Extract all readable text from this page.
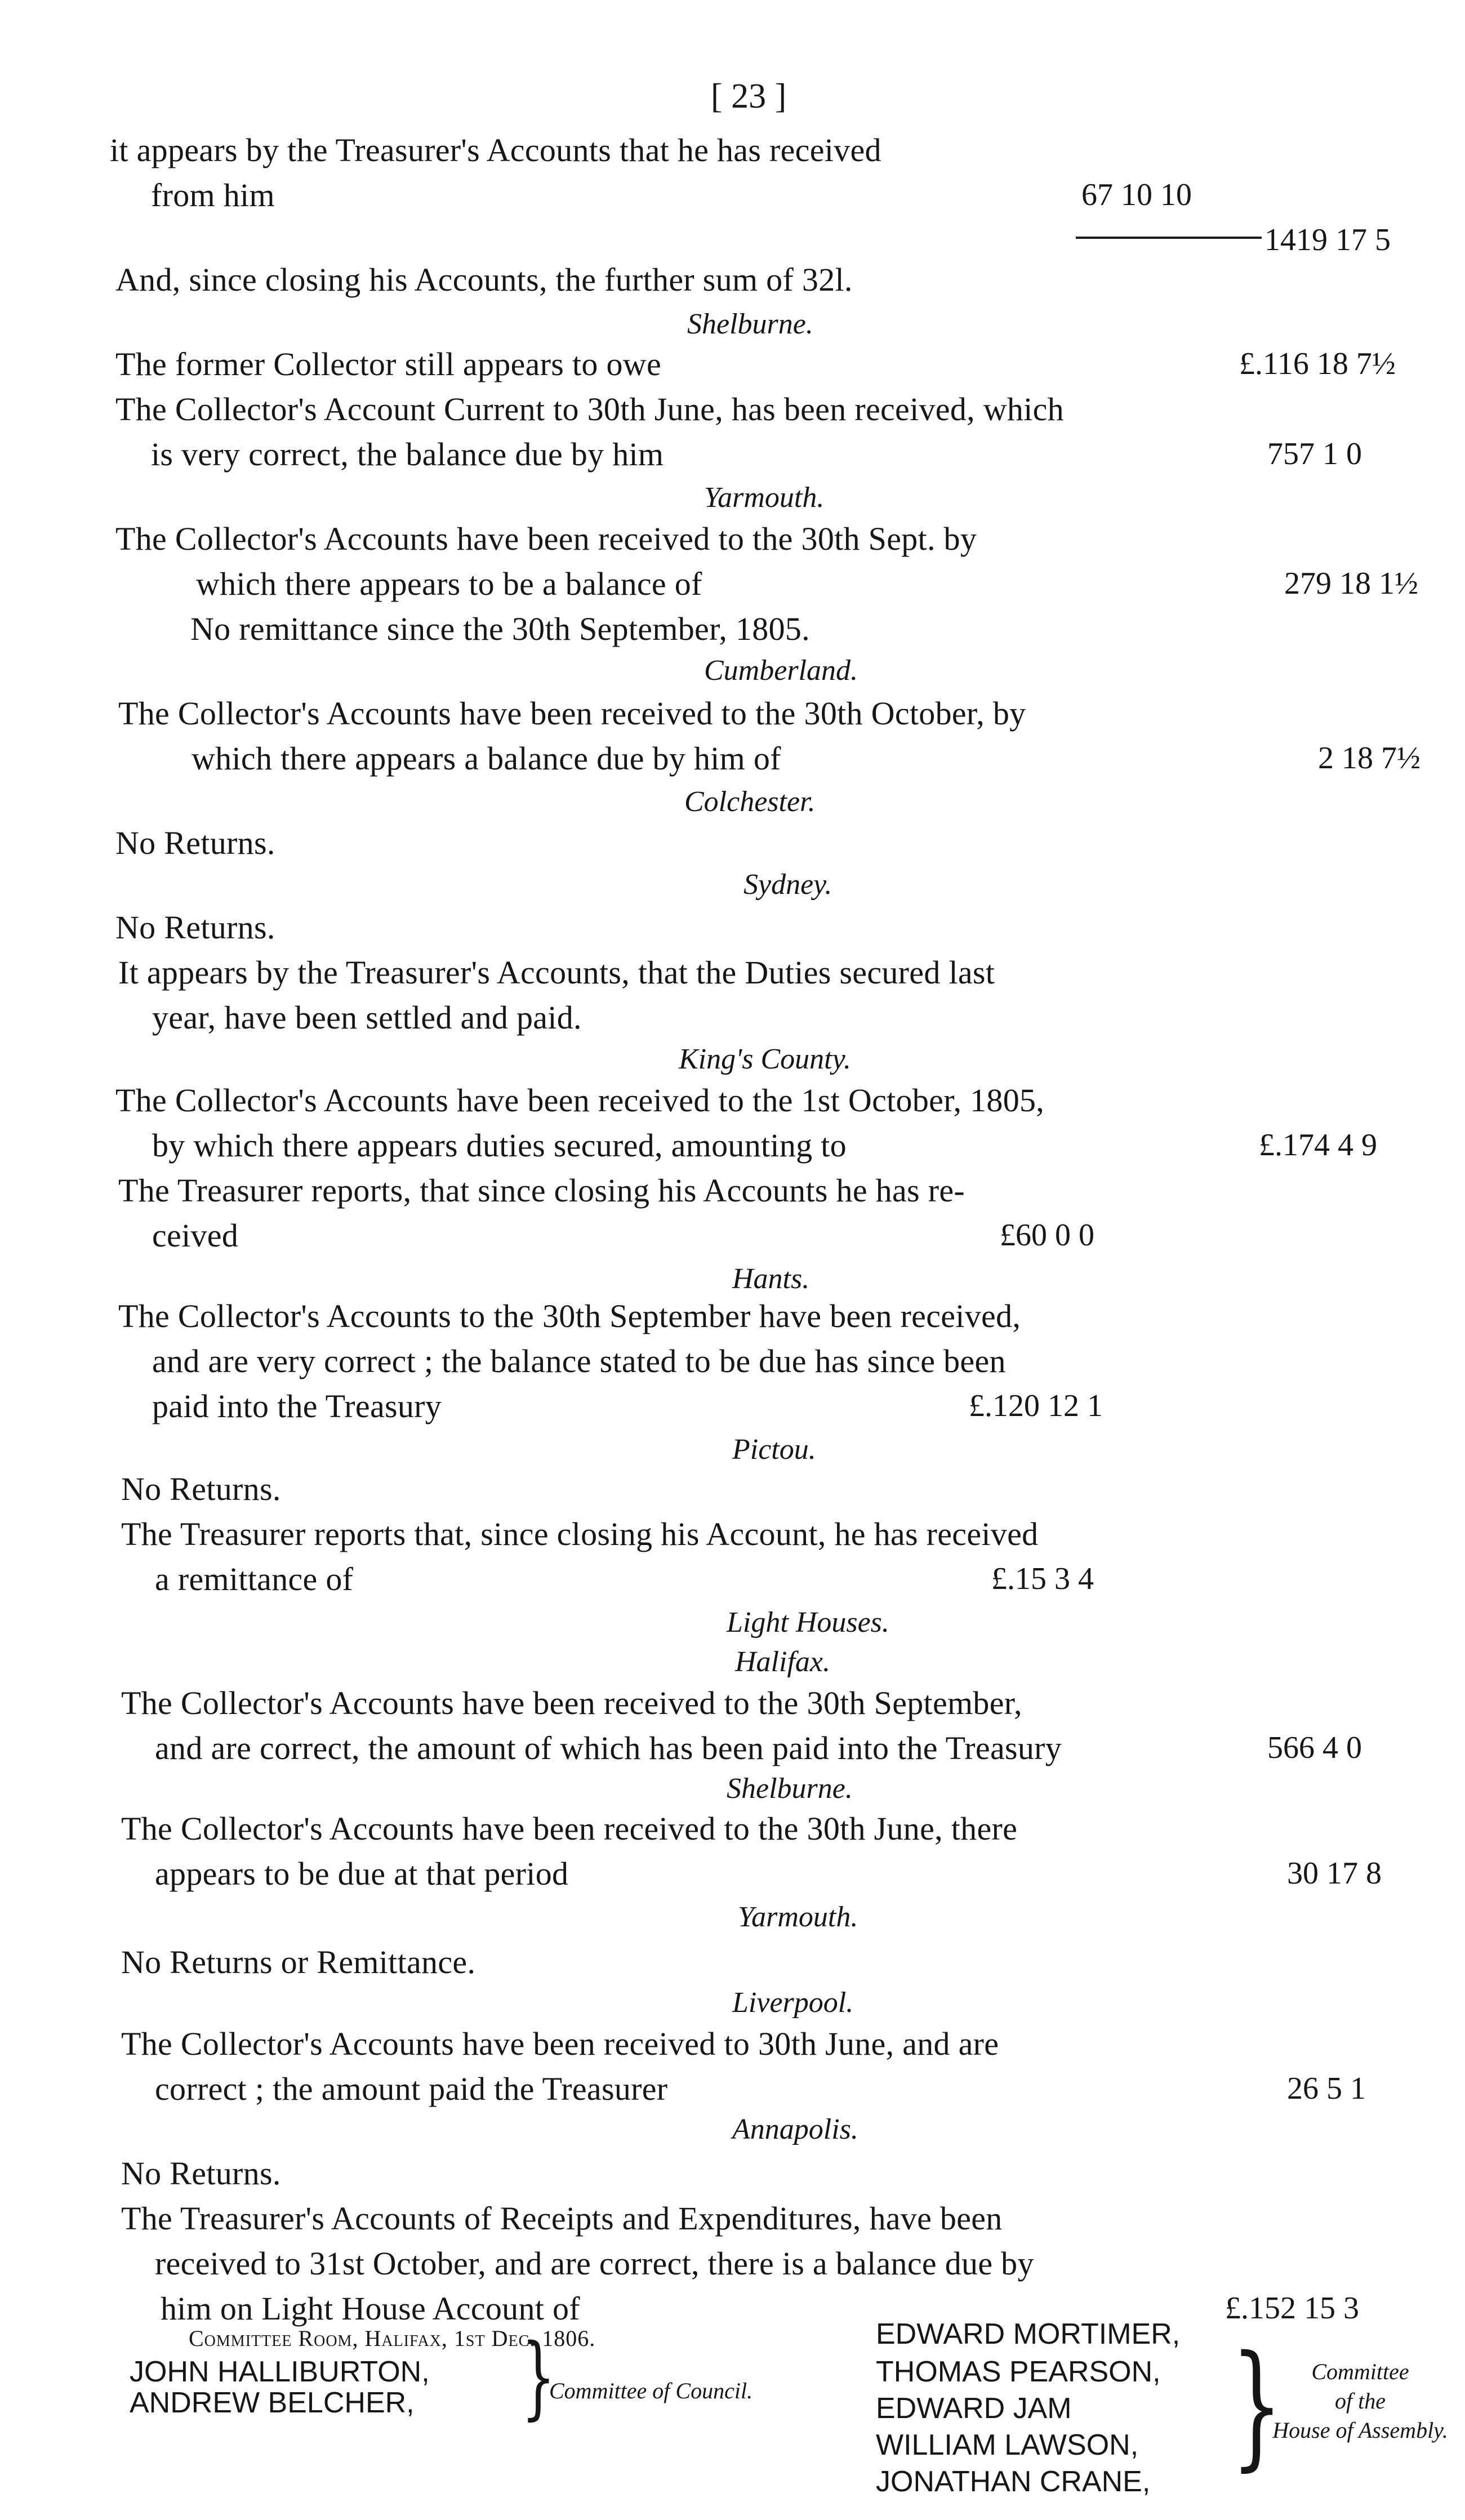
[ 23 ]
it appears by the Treasurer's Accounts that he has received
from him	67 10 10
1419 17 5
And, since closing his Accounts, the further sum of 32l.
Shelburne.
The former Collector still appears to owe	£.116 18 7½
The Collector's Account Current to 30th June, has been received, which
is very correct, the balance due by him	757 1 0
Yarmouth.
The Collector's Accounts have been received to the 30th Sept. by
which there appears to be a balance of	279 18 1½
No remittance since the 30th September, 1805.
Cumberland.
The Collector's Accounts have been received to the 30th October, by
which there appears a balance due by him of	2 18 7½
Colchester.
No Returns.
Sydney.
No Returns.
It appears by the Treasurer's Accounts, that the Duties secured last
year, have been settled and paid.
King's County.
The Collector's Accounts have been received to the 1st October, 1805,
by which there appears duties secured, amounting to	£.174 4 9
The Treasurer reports, that since closing his Accounts he has re-
ceived	£60 0 0
Hants.
The Collector's Accounts to the 30th September have been received,
and are very correct ; the balance stated to be due has since been
paid into the Treasury	£.120 12 1
Pictou.
No Returns.
The Treasurer reports that, since closing his Account, he has received
a remittance of	£.15 3 4
Light Houses.
Halifax.
The Collector's Accounts have been received to the 30th September,
and are correct, the amount of which has been paid into the Treasury	566 4 0
Shelburne.
The Collector's Accounts have been received to the 30th June, there
appears to be due at that period	30 17 8
Yarmouth.
No Returns or Remittance.
Liverpool.
The Collector's Accounts have been received to 30th June, and are
correct ; the amount paid the Treasurer	26 5 1
Annapolis.
No Returns.
The Treasurer's Accounts of Receipts and Expenditures, have been
received to 31st October, and are correct, there is a balance due by
him on Light House Account of	£.152 15 3
Committee Room, Halifax, 1st Dec. 1806.
JOHN HALLIBURTON,
ANDREW BELCHER, }
Committee of Council.
EDWARD MORTIMER,
THOMAS PEARSON,
EDWARD JAM
WILLIAM LAWSON,
JONATHAN CRANE, }	Committee
of the
House of Assembly.
